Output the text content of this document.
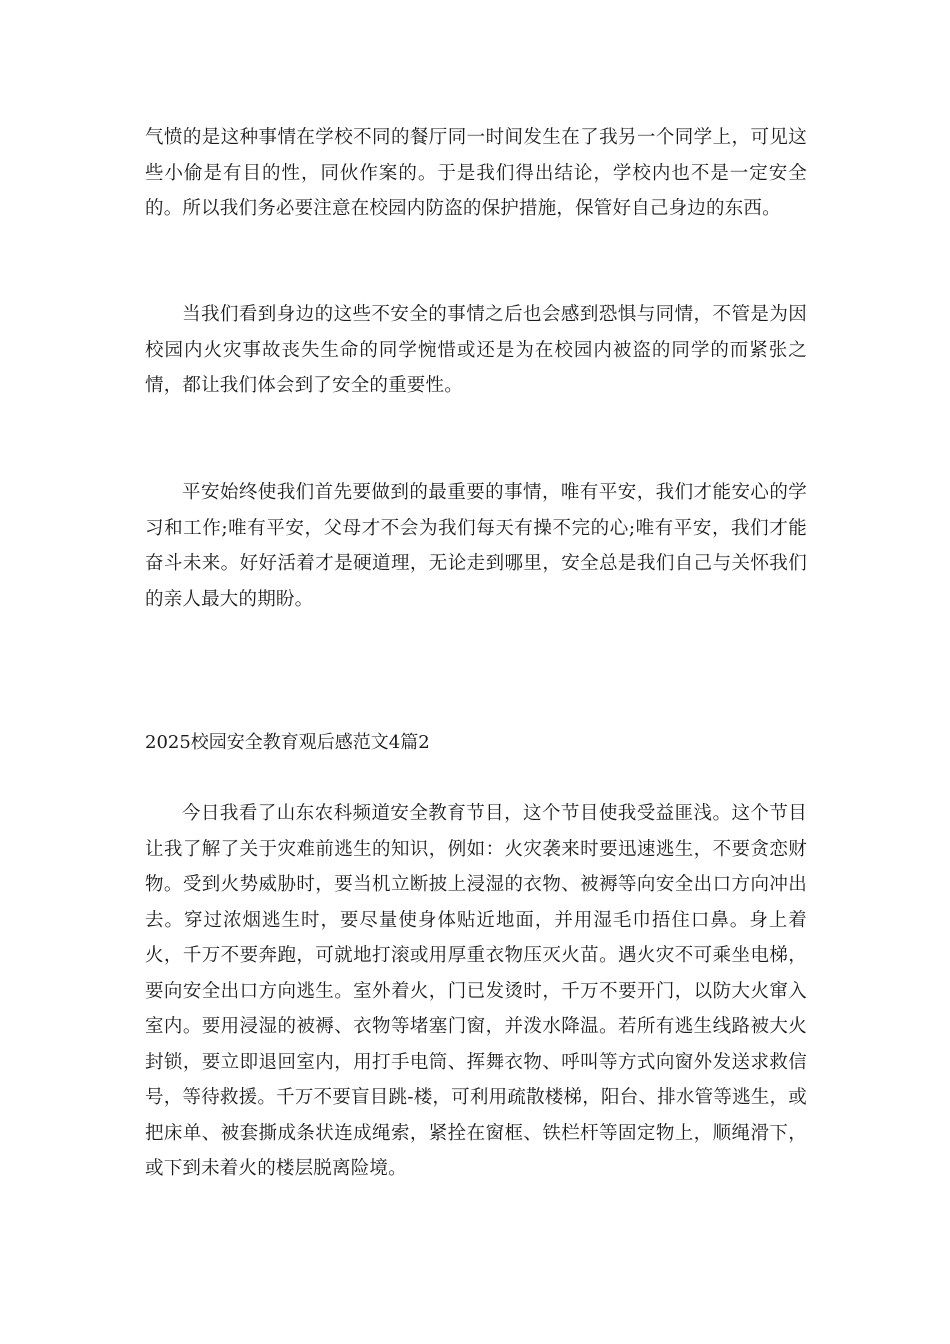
气愤的是这种事情在学校不同的餐厅同一时间发生在了我另一个同学上，可见这些小偷是有目的性，同伙作案的。于是我们得出结论，学校内也不是一定安全的。所以我们务必要注意在校园内防盗的保护措施，保管好自己身边的东西。

当我们看到身边的这些不安全的事情之后也会感到恐惧与同情，不管是为因校园内火灾事故丧失生命的同学惋惜或还是为在校园内被盗的同学的而紧张之情，都让我们体会到了安全的重要性。

平安始终使我们首先要做到的最重要的事情，唯有平安，我们才能安心的学习和工作;唯有平安，父母才不会为我们每天有操不完的心;唯有平安，我们才能奋斗未来。好好活着才是硬道理，无论走到哪里，安全总是我们自己与关怀我们的亲人最大的期盼。

2025校园安全教育观后感范文4篇2

今日我看了山东农科频道安全教育节目，这个节目使我受益匪浅。这个节目让我了解了关于灾难前逃生的知识，例如：火灾袭来时要迅速逃生，不要贪恋财物。受到火势威胁时，要当机立断披上浸湿的衣物、被褥等向安全出口方向冲出去。穿过浓烟逃生时，要尽量使身体贴近地面，并用湿毛巾捂住口鼻。身上着火，千万不要奔跑，可就地打滚或用厚重衣物压灭火苗。遇火灾不可乘坐电梯，要向安全出口方向逃生。室外着火，门已发烫时，千万不要开门，以防大火窜入室内。要用浸湿的被褥、衣物等堵塞门窗，并泼水降温。若所有逃生线路被大火封锁，要立即退回室内，用打手电筒、挥舞衣物、呼叫等方式向窗外发送求救信号，等待救援。千万不要盲目跳-楼，可利用疏散楼梯，阳台、排水管等逃生，或把床单、被套撕成条状连成绳索，紧拴在窗框、铁栏杆等固定物上，顺绳滑下，或下到未着火的楼层脱离险境。
